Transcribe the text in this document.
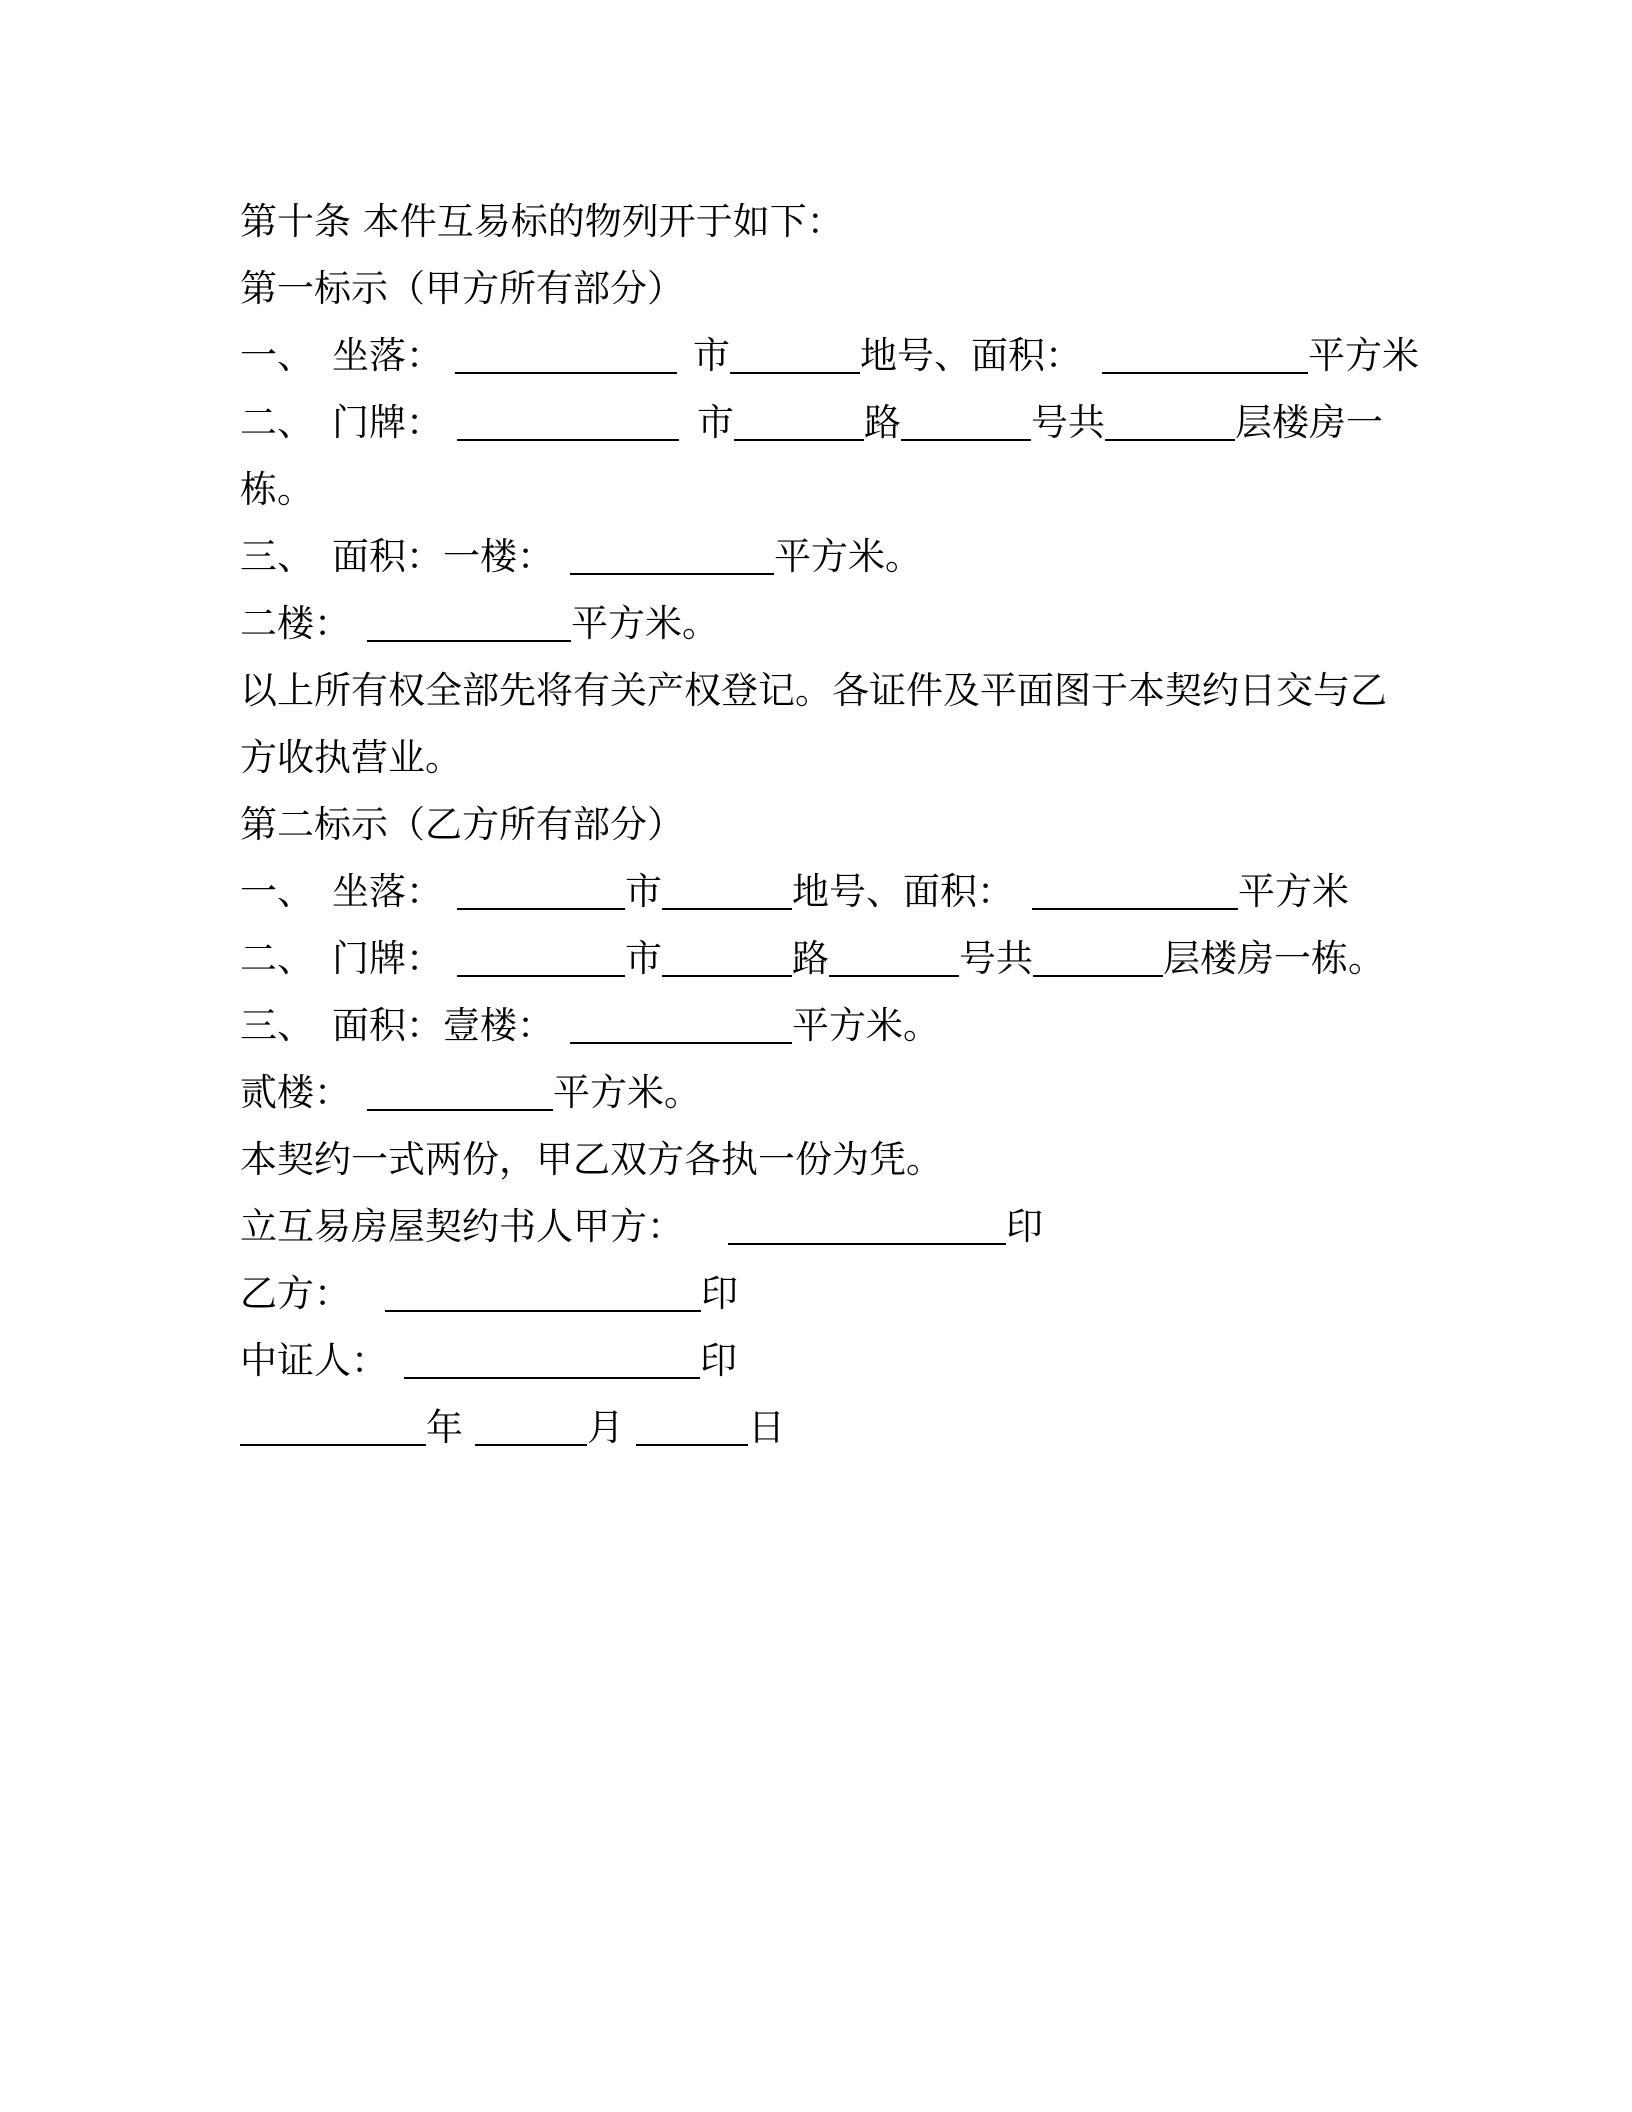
第十条 本件互易标的物列开于如下：
第一标示（甲方所有部分）
一、 坐落：	市	地号、面积：	平方米
二、 门牌：	市	路	号共	层楼房一
栋。
三、 面积：一楼：	平方米。
二楼：	平方米。
以上所有权全部先将有关产权登记。各证件及平面图于本契约日交与乙
方收执营业。
第二标示（乙方所有部分）
一、 坐落：	市	地号、面积：	平方米
二、 门牌：	市	路	号共	层楼房一栋。
三、 面积：壹楼：	平方米。
贰楼：	平方米。
本契约一式两份，甲乙双方各执一份为凭。
立互易房屋契约书人甲方：	印
乙方：	印
中证人：	印
年	月	日
